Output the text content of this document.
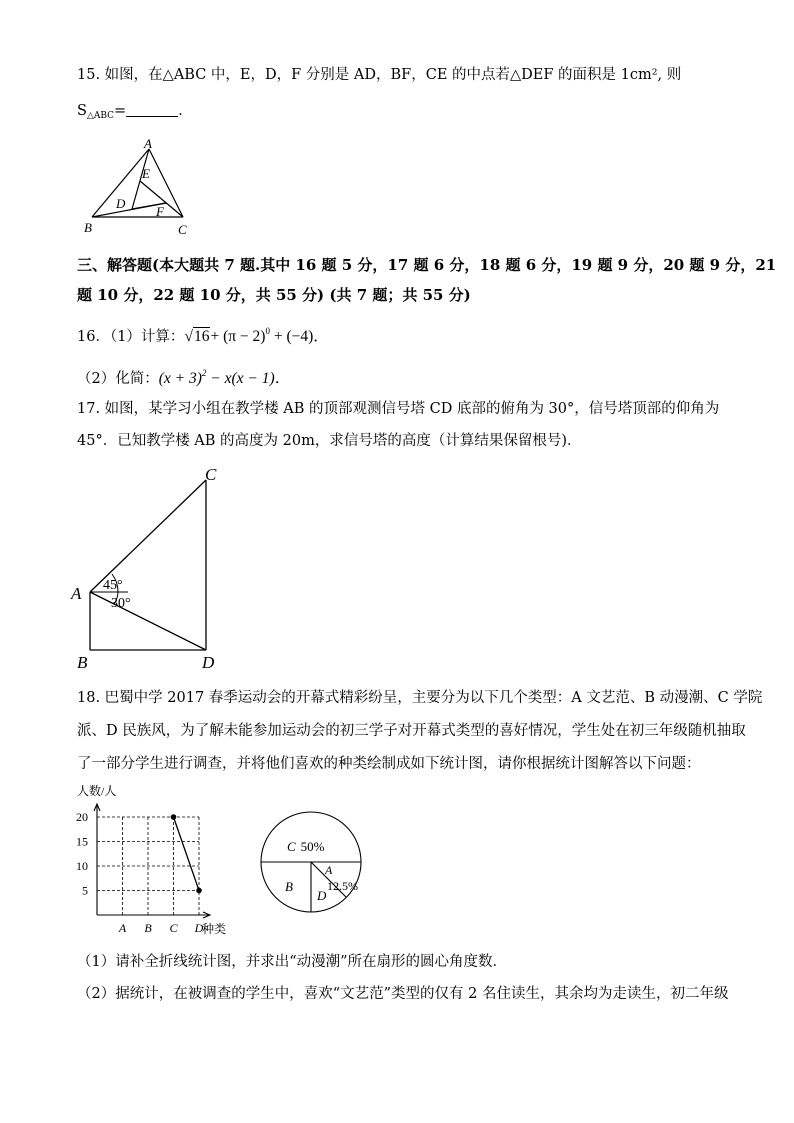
15. 如图，在△ABC 中，E，D，F 分别是 AD，BF，CE 的中点若△DEF 的面积是 1cm², 则
$S_{\triangle ABC}=$	．
A
B	C
D
E
F
三、解答题(本大题共 7 题.其中 16 题 5 分，17 题 6 分，18 题 6 分，19 题 9 分，20 题 9 分，21
题 10 分，22 题 10 分，共 55 分) (共 7 题；共 55 分)
16．（1）计算：$√16+ (\pi - 2)^0 + (-4)$．
（2）化简：$(x + 3)^2 - x(x - 1)$．
17. 如图，某学习小组在教学楼 AB 的顶部观测信号塔 CD 底部的俯角为 30°，信号塔顶部的仰角为
45°．已知教学楼 AB 的高度为 20m，求信号塔的高度（计算结果保留根号)．
C
A
B	D
45°
30°
18. 巴蜀中学 2017 春季运动会的开幕式精彩纷呈，主要分为以下几个类型：A 文艺范、B 动漫潮、C 学院
派、D 民族风，为了解未能参加运动会的初三学子对开幕式类型的喜好情况，学生处在初三年级随机抽取
了一部分学生进行调查，并将他们喜欢的种类绘制成如下统计图，请你根据统计图解答以下问题：
5
10
15
20
A B C D
人数/人
种类
C 50%
A
12.5%
B
D
（1）请补全折线统计图，并求出“动漫潮”所在扇形的圆心角度数．
（2）据统计，在被调查的学生中，喜欢“文艺范”类型的仅有 2 名住读生，其余均为走读生，初二年级
